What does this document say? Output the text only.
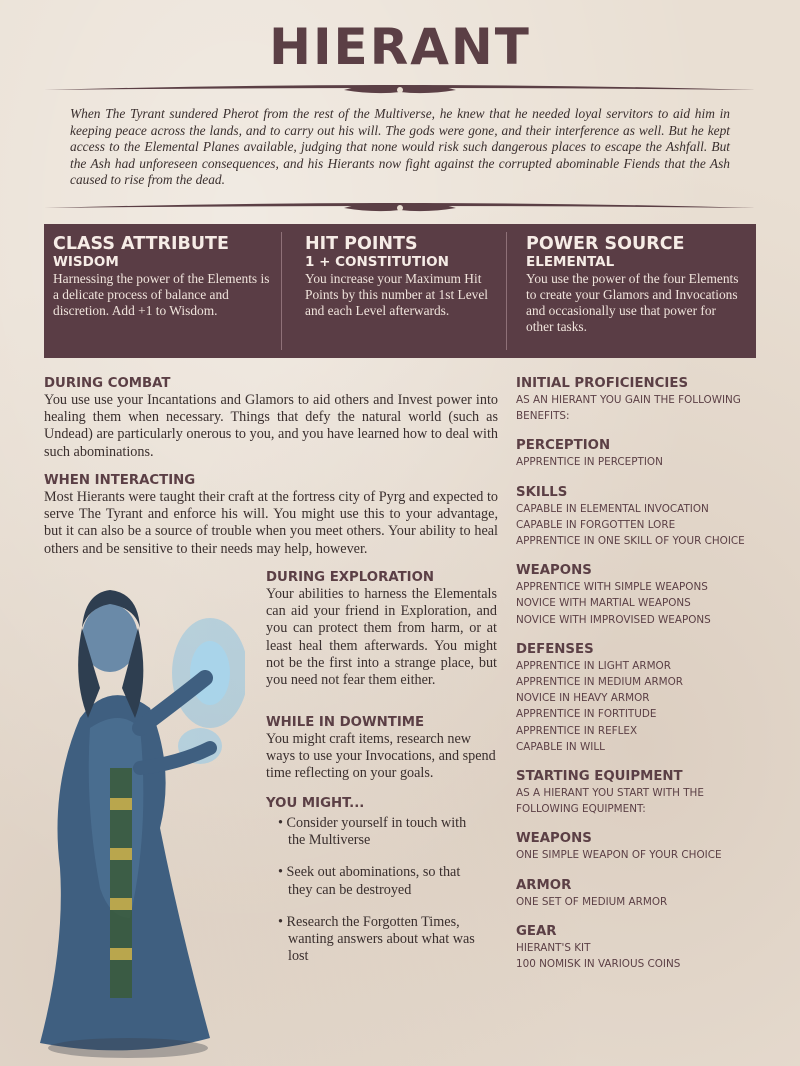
HIERANT
When The Tyrant sundered Pherot from the rest of the Multiverse, he knew that he needed loyal servitors to aid him in keeping peace across the lands, and to carry out his will. The gods were gone, and their interference as well. But he kept access to the Elemental Planes available, judging that none would risk such dangerous places to escape the Ashfall. But the Ash had unforeseen consequences, and his Hierants now fight against the corrupted abominable Fiends that the Ash caused to rise from the dead.
CLASS ATTRIBUTE
WISDOM
Harnessing the power of the Elements is a delicate process of balance and discretion. Add +1 to Wisdom.
HIT POINTS
1 + CONSTITUTION
You increase your Maximum Hit Points by this number at 1st Level and each Level afterwards.
POWER SOURCE
ELEMENTAL
You use the power of the four Elements to create your Glamors and Invocations and occasionally use that power for other tasks.
DURING COMBAT
You use use your Incantations and Glamors to aid others and Invest power into healing them when necessary. Things that defy the natural world (such as Undead) are particularly onerous to you, and you have learned how to deal with such abominations.
WHEN INTERACTING
Most Hierants were taught their craft at the fortress city of Pyrg and expected to serve The Tyrant and enforce his will. You might use this to your advantage, but it can also be a source of trouble when you meet others. Your ability to heal others and be sensitive to their needs may help, however.
DURING EXPLORATION
Your abilities to harness the Elementals can aid your friend in Exploration, and you can protect them from harm, or at least heal them afterwards. You might not be the first into a strange place, but you need not fear them either.
WHILE IN DOWNTIME
You might craft items, research new ways to use your Invocations, and spend time reflecting on your goals.
YOU MIGHT...
• Consider yourself in touch with the Multiverse
• Seek out abominations, so that they can be destroyed
• Research the Forgotten Times, wanting answers about what was lost
INITIAL PROFICIENCIES
AS AN HIERANT YOU GAIN THE FOLLOWING
BENEFITS:
PERCEPTION
APPRENTICE IN PERCEPTION
SKILLS
CAPABLE IN ELEMENTAL INVOCATION
CAPABLE IN FORGOTTEN LORE
APPRENTICE IN ONE SKILL OF YOUR CHOICE
WEAPONS
APPRENTICE WITH SIMPLE WEAPONS
NOVICE WITH MARTIAL WEAPONS
NOVICE WITH IMPROVISED WEAPONS
DEFENSES
APPRENTICE IN LIGHT ARMOR
APPRENTICE IN MEDIUM ARMOR
NOVICE IN HEAVY ARMOR
APPRENTICE IN FORTITUDE
APPRENTICE IN REFLEX
CAPABLE IN WILL
STARTING EQUIPMENT
AS A HIERANT YOU START WITH THE
FOLLOWING EQUIPMENT:
WEAPONS
ONE SIMPLE WEAPON OF YOUR CHOICE
ARMOR
ONE SET OF MEDIUM ARMOR
GEAR
HIERANT'S KIT
100 NOMISK IN VARIOUS COINS
